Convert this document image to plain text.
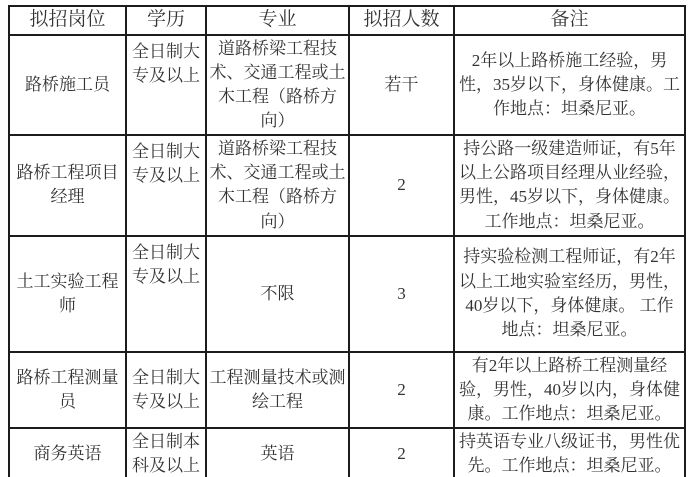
拟招岗位	学历	专业	拟招人数	备注
路桥施工员	全日制大专及以上	道路桥梁工程技术、交通工程或土木工程（路桥方向）	若干	2年以上路桥施工经验，男性，35岁以下，身体健康。工作地点：坦桑尼亚。
路桥工程项目经理	全日制大专及以上	道路桥梁工程技术、交通工程或土木工程（路桥方向）	2	持公路一级建造师证，有5年以上公路项目经理从业经验，男性，45岁以下，身体健康。工作地点：坦桑尼亚。
土工实验工程师	全日制大专及以上	不限	3	持实验检测工程师证，有2年以上工地实验室经历，男性，40岁以下，身体健康。 工作地点：坦桑尼亚。
路桥工程测量员	全日制大专及以上	工程测量技术或测绘工程	2	有2年以上路桥工程测量经验，男性，40岁以内，身体健康。工作地点：坦桑尼亚。
商务英语	全日制本科及以上	英语	2	持英语专业八级证书，男性优先。工作地点：坦桑尼亚。
